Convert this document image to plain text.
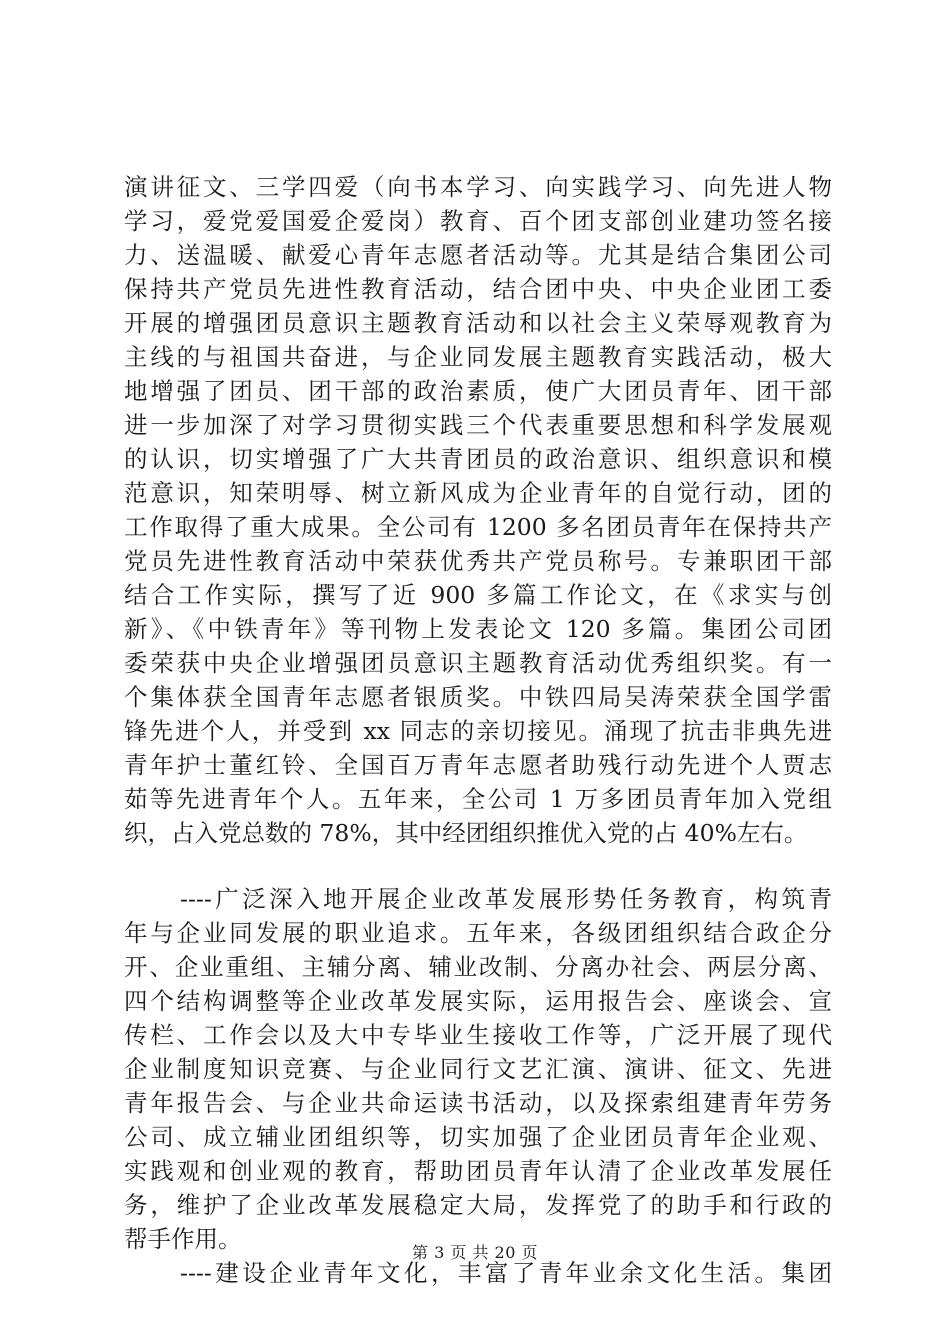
演讲征文、三学四爱（向书本学习、向实践学习、向先进人物
学习，爱党爱国爱企爱岗）教育、百个团支部创业建功签名接
力、送温暖、献爱心青年志愿者活动等。尤其是结合集团公司
保持共产党员先进性教育活动，结合团中央、中央企业团工委
开展的增强团员意识主题教育活动和以社会主义荣辱观教育为
主线的与祖国共奋进，与企业同发展主题教育实践活动，极大
地增强了团员、团干部的政治素质，使广大团员青年、团干部
进一步加深了对学习贯彻实践三个代表重要思想和科学发展观
的认识，切实增强了广大共青团员的政治意识、组织意识和模
范意识，知荣明辱、树立新风成为企业青年的自觉行动，团的
工作取得了重大成果。全公司有 1200 多名团员青年在保持共产
党员先进性教育活动中荣获优秀共产党员称号。专兼职团干部
结合工作实际，撰写了近 900 多篇工作论文，在《求实与创
新》、《中铁青年》等刊物上发表论文 120 多篇。集团公司团
委荣获中央企业增强团员意识主题教育活动优秀组织奖。有一
个集体获全国青年志愿者银质奖。中铁四局吴涛荣获全国学雷
锋先进个人，并受到 xx 同志的亲切接见。涌现了抗击非典先进
青年护士董红铃、全国百万青年志愿者助残行动先进个人贾志
茹等先进青年个人。五年来，全公司 1 万多团员青年加入党组
织，占入党总数的 78%，其中经团组织推优入党的占 40%左右。
----广泛深入地开展企业改革发展形势任务教育，构筑青
年与企业同发展的职业追求。五年来，各级团组织结合政企分
开、企业重组、主辅分离、辅业改制、分离办社会、两层分离、
四个结构调整等企业改革发展实际，运用报告会、座谈会、宣
传栏、工作会以及大中专毕业生接收工作等，广泛开展了现代
企业制度知识竞赛、与企业同行文艺汇演、演讲、征文、先进
青年报告会、与企业共命运读书活动，以及探索组建青年劳务
公司、成立辅业团组织等，切实加强了企业团员青年企业观、
实践观和创业观的教育，帮助团员青年认清了企业改革发展任
务，维护了企业改革发展稳定大局，发挥党了的助手和行政的
帮手作用。
----建设企业青年文化，丰富了青年业余文化生活。集团
第 3 页 共 20 页
